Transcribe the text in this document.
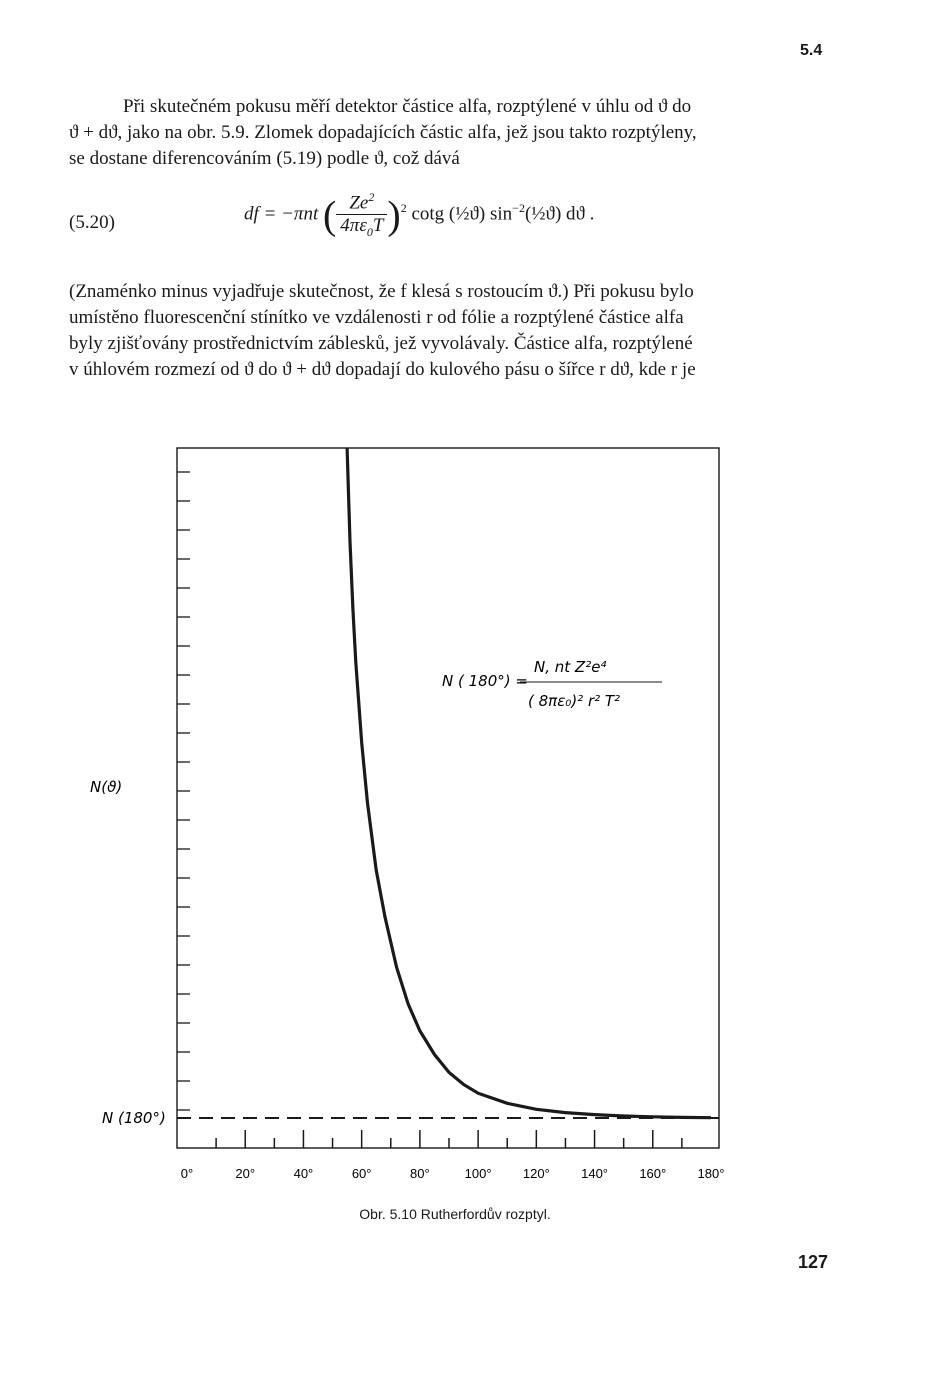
5.4
Při skutečném pokusu měří detektor částice alfa, rozptýlené v úhlu od ϑ do
ϑ + dϑ, jako na obr. 5.9. Zlomek dopadajících částic alfa, jež jsou takto rozptýleny,
se dostane diferencováním (5.19) podle ϑ, což dává
(5.20)	df = −πnt ( $\frac{Ze^2}{4\pi\varepsilon_0T} )^2$ cotg (½ϑ) $\sin^{-2}(\frac{1}{2}ϑ)$ dϑ .
(Znaménko minus vyjadřuje skutečnost, že f klesá s rostoucím ϑ.) Při pokusu bylo
umístěno fluorescenční stínítko ve vzdálenosti r od fólie a rozptýlené částice alfa
byly zjišťovány prostřednictvím záblesků, jež vyvolávaly. Částice alfa, rozptýlené
v úhlovém rozmezí od ϑ do ϑ + dϑ dopadají do kulového pásu o šířce r dϑ, kde r je
N(ϑ)
N (180°)
N ( 180°) =
N, nt Z²e⁴
( 8πε₀)² r² T²
0°	20°	40°	60°	80°	100° 120° 140° 160° 180°
Obr. 5.10 Rutherfordův rozptyl.
127
